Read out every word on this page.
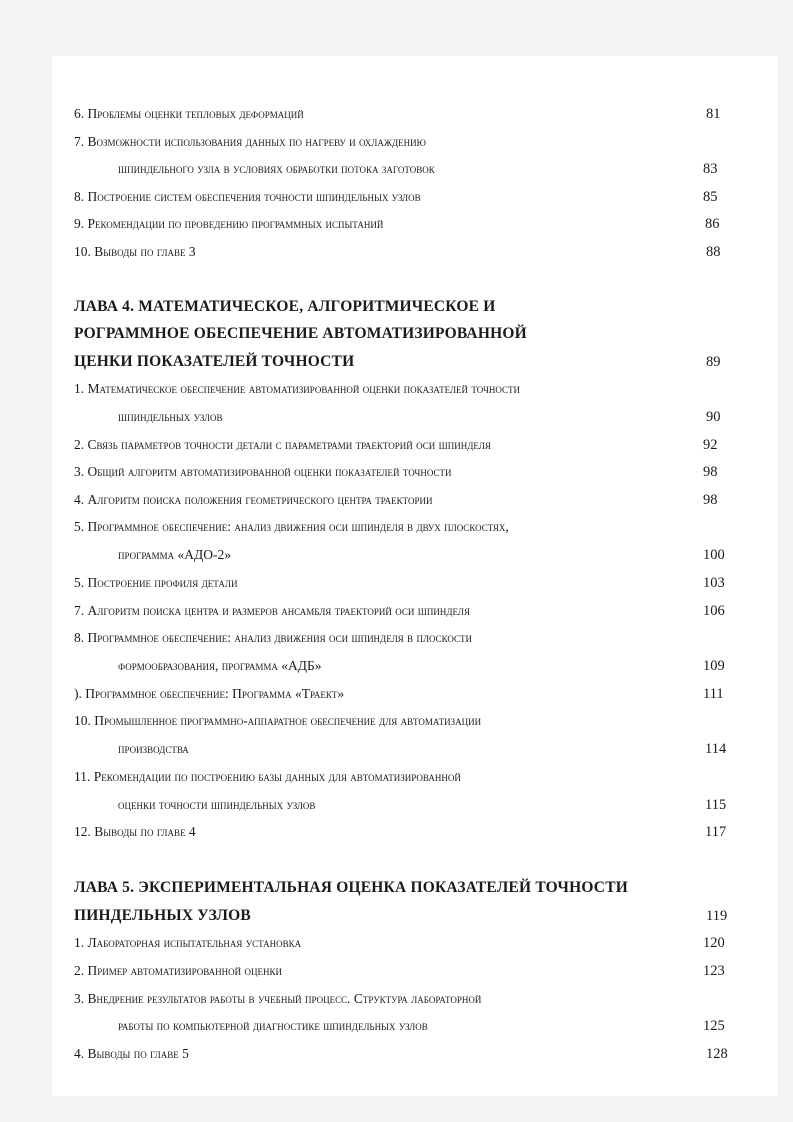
6. Проблемы оценки тепловых деформаций	81
7. Возможности использования данных по нагреву и охлаждению
шпиндельного узла в условиях обработки потока заготовок	83
8. Построение систем обеспечения точности шпиндельных узлов	85
9. Рекомендации по проведению программных испытаний	86
10. Выводы по главе 3	88
ЛАВА 4. МАТЕМАТИЧЕСКОЕ, АЛГОРИТМИЧЕСКОЕ И
РОГРАММНОЕ ОБЕСПЕЧЕНИЕ АВТОМАТИЗИРОВАННОЙ
ЦЕНКИ ПОКАЗАТЕЛЕЙ ТОЧНОСТИ	89
1. Математическое обеспечение автоматизированной оценки показателей точности
шпиндельных узлов	90
2. Связь параметров точности детали с параметрами траекторий оси шпинделя	92
3. Общий алгоритм автоматизированной оценки показателей точности	98
4. Алгоритм поиска положения геометрического центра траектории	98
5. Программное обеспечение: анализ движения оси шпинделя в двух плоскостях,
программа «АДО-2»	100
5. Построение профиля детали	103
7. Алгоритм поиска центра и размеров ансамбля траекторий оси шпинделя	106
8. Программное обеспечение: анализ движения оси шпинделя в плоскости
формообразования, программа «АДБ»	109
). Программное обеспечение: Программа «Траект»	111
10. Промышленное программно-аппаратное обеспечение для автоматизации
производства	114
11. Рекомендации по построению базы данных для автоматизированной
оценки точности шпиндельных узлов	115
12. Выводы по главе 4	117
ЛАВА 5. ЭКСПЕРИМЕНТАЛЬНАЯ ОЦЕНКА ПОКАЗАТЕЛЕЙ ТОЧНОСТИ
ПИНДЕЛЬНЫХ УЗЛОВ	119
1. Лабораторная испытательная установка	120
2. Пример автоматизированной оценки	123
3. Внедрение результатов работы в учебный процесс. Структура лабораторной
работы по компьютерной диагностике шпиндельных узлов	125
4. Выводы по главе 5	128
